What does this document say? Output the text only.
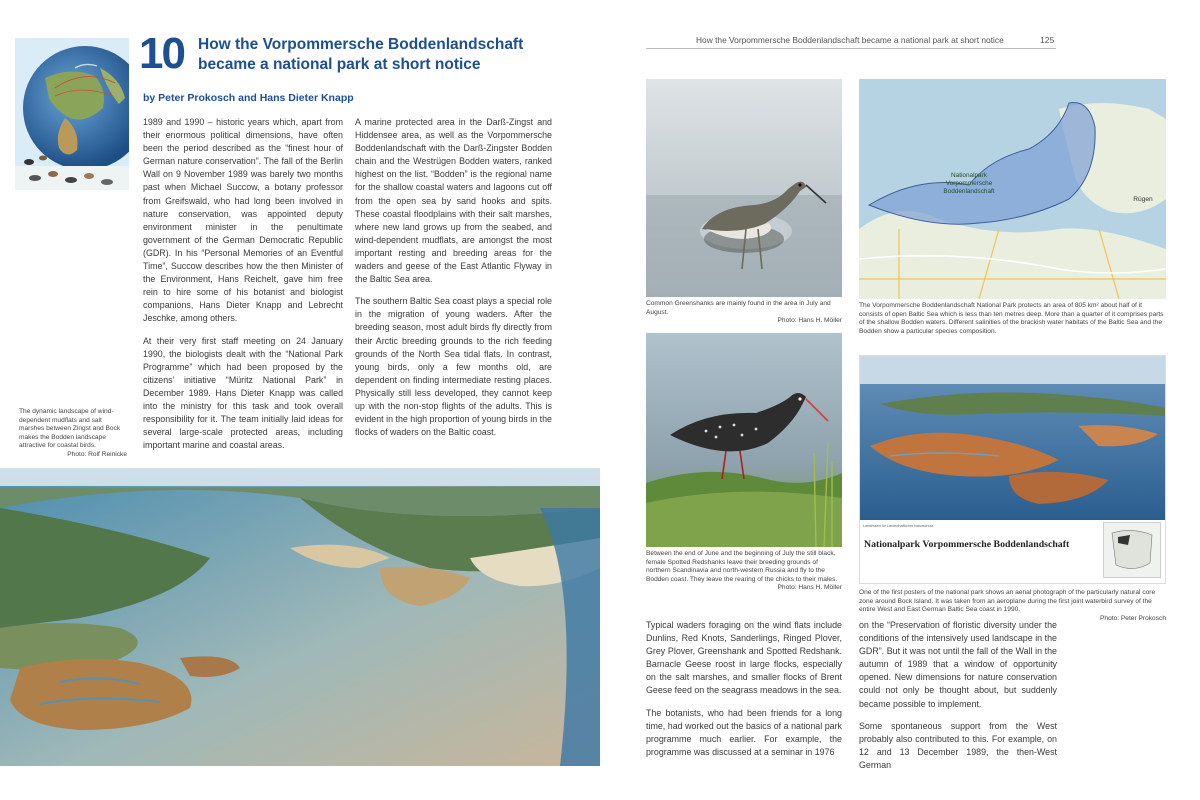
10 How the Vorpommersche Boddenlandschaft
became a national park at short notice
by Peter Prokosch and Hans Dieter Knapp

1989 and 1990 – historic years which, apart from their enormous political dimensions, have often been the period described as the “finest hour of German nature conservation”. The fall of the Berlin Wall on 9 November 1989 was barely two months past when Michael Succow, a botany professor from Greifswald, who had long been involved in nature conservation, was appointed deputy environment minister in the penultimate government of the German Democratic Republic (GDR). In his “Personal Memories of an Eventful Time”, Succow describes how the then Minister of the Environment, Hans Reichelt, gave him free rein to hire some of his botanist and biologist companions, Hans Dieter Knapp and Lebrecht Jeschke, among others.

At their very first staff meeting on 24 January 1990, the biologists dealt with the “National Park Programme” which had been proposed by the citizens’ initiative “Müritz National Park” in December 1989. Hans Dieter Knapp was called into the ministry for this task and took overall responsibility for it. The team initially laid ideas for several large-scale protected areas, including important marine and coastal areas.

A marine protected area in the Darß-Zingst and Hiddensee area, as well as the Vorpommersche Boddenlandschaft with the Darß-Zingster Bodden chain and the Westrügen Bodden waters, ranked highest on the list. “Bodden” is the regional name for the shallow coastal waters and lagoons cut off from the open sea by sand hooks and spits. These coastal floodplains with their salt marshes, where new land grows up from the seabed, and wind-dependent mudflats, are amongst the most important resting and breeding areas for the waders and geese of the East Atlantic Flyway in the Baltic Sea area.

The southern Baltic Sea coast plays a special role in the migration of young waders. After the breeding season, most adult birds fly directly from their Arctic breeding grounds to the rich feeding grounds of the North Sea tidal flats. In contrast, young birds, only a few months old, are dependent on finding intermediate resting places. Physically still less developed, they cannot keep up with the non-stop flights of the adults. This is evident in the high proportion of young birds in the flocks of waders on the Baltic coast.

The dynamic landscape of wind-dependent mudflats and salt marshes between Zingst and Bock makes the Bodden landscape attractive for coastal birds.
Photo: Rolf Reinicke
How the Vorpommersche Boddenlandschaft became a national park at short notice	125
Common Greenshanks are mainly found in the area in July and August.
Photo: Hans H. Möller
Between the end of June and the beginning of July the still black, female Spotted Redshanks leave their breeding grounds of northern Scandinavia and north-western Russia and fly to the Bodden coast. They leave the rearing of the chicks to their males.
Photo: Hans H. Möller
Nationalpark
Vorpommersche
Boddenlandschaft
Rügen
The Vorpommersche Boddenlandschaft National Park protects an area of 805 km² about half of it consists of open Baltic Sea which is less than ten metres deep. More than a quarter of it comprises parts of the shallow Bodden waters. Different salinities of the brackish water habitats of the Baltic Sea and the Bodden show a particular species composition.
Landesamt für Landschaftlicher Naturschutz
Nationalpark Vorpommersche Boddenlandschaft
One of the first posters of the national park shows an aerial photograph of the particularly natural core zone around Bock Island. It was taken from an aeroplane during the first joint waterbird survey of the entire West and East German Baltic Sea coast in 1990.
Photo: Peter Prokosch

Typical waders foraging on the wind flats include Dunlins, Red Knots, Sanderlings, Ringed Plover, Grey Plover, Greenshank and Spotted Redshank. Barnacle Geese roost in large flocks, especially on the salt marshes, and smaller flocks of Brent Geese feed on the seagrass meadows in the sea.

The botanists, who had been friends for a long time, had worked out the basics of a national park programme much earlier. For example, the programme was discussed at a seminar in 1976

on the “Preservation of floristic diversity under the conditions of the intensively used landscape in the GDR”. But it was not until the fall of the Wall in the autumn of 1989 that a window of opportunity opened. New dimensions for nature conservation could not only be thought about, but suddenly became possible to implement.

Some spontaneous support from the West probably also contributed to this. For example, on 12 and 13 December 1989, the then-West German
